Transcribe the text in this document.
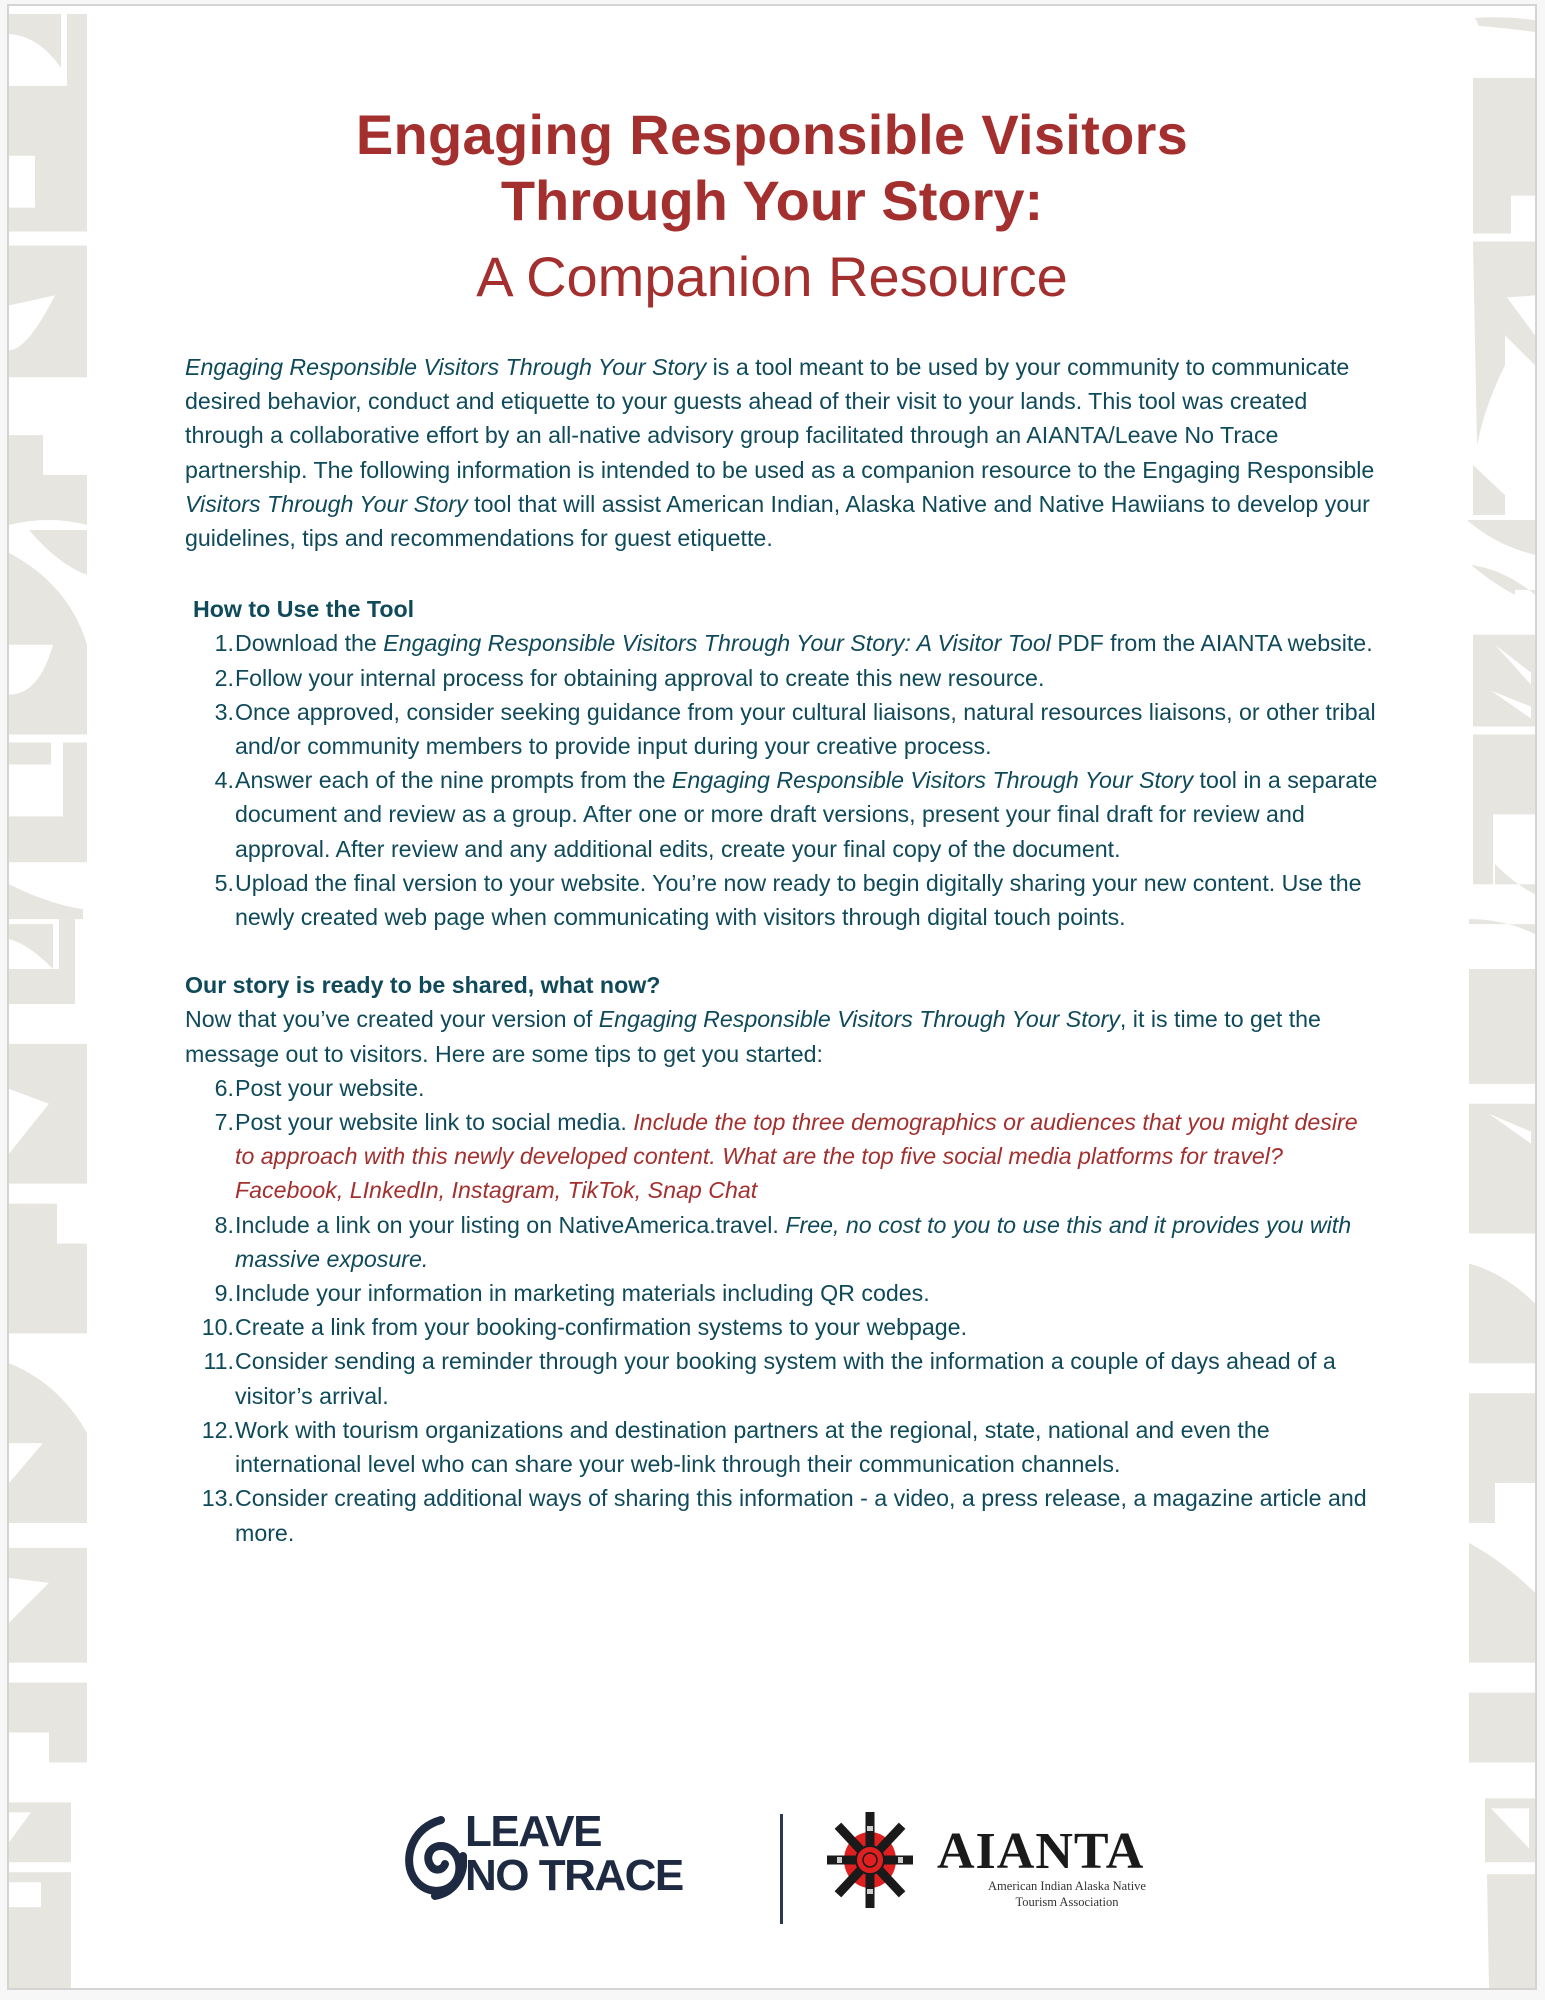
Engaging Responsible Visitors
Through Your Story:
A Companion Resource

Engaging Responsible Visitors Through Your Story is a tool meant to be used by your community to communicate desired behavior, conduct and etiquette to your guests ahead of their visit to your lands. This tool was created through a collaborative effort by an all-native advisory group facilitated through an AIANTA/Leave No Trace partnership. The following information is intended to be used as a companion resource to the Engaging Responsible Visitors Through Your Story tool that will assist American Indian, Alaska Native and Native Hawiians to develop your guidelines, tips and recommendations for guest etiquette.

How to Use the Tool

1. Download the Engaging Responsible Visitors Through Your Story: A Visitor Tool PDF from the AIANTA website.
2. Follow your internal process for obtaining approval to create this new resource.
3. Once approved, consider seeking guidance from your cultural liaisons, natural resources liaisons, or other tribal and/or community members to provide input during your creative process.
4. Answer each of the nine prompts from the Engaging Responsible Visitors Through Your Story tool in a separate document and review as a group. After one or more draft versions, present your final draft for review and approval. After review and any additional edits, create your final copy of the document.
5. Upload the final version to your website. You’re now ready to begin digitally sharing your new content. Use the newly created web page when communicating with visitors through digital touch points.

Our story is ready to be shared, what now?

Now that you’ve created your version of Engaging Responsible Visitors Through Your Story, it is time to get the message out to visitors. Here are some tips to get you started:

6. Post your website.
7. Post your website link to social media. Include the top three demographics or audiences that you might desire to approach with this newly developed content. What are the top five social media platforms for travel? Facebook, LInkedIn, Instagram, TikTok, Snap Chat
8. Include a link on your listing on NativeAmerica.travel. Free, no cost to you to use this and it provides you with massive exposure.
9. Include your information in marketing materials including QR codes.
10. Create a link from your booking-confirmation systems to your webpage.
11. Consider sending a reminder through your booking system with the information a couple of days ahead of a visitor’s arrival.
12. Work with tourism organizations and destination partners at the regional, state, national and even the international level who can share your web-link through their communication channels.
13. Consider creating additional ways of sharing this information - a video, a press release, a magazine article and more.
LEAVE
NO TRACE	AIANTA
American Indian Alaska Native
Tourism Association
